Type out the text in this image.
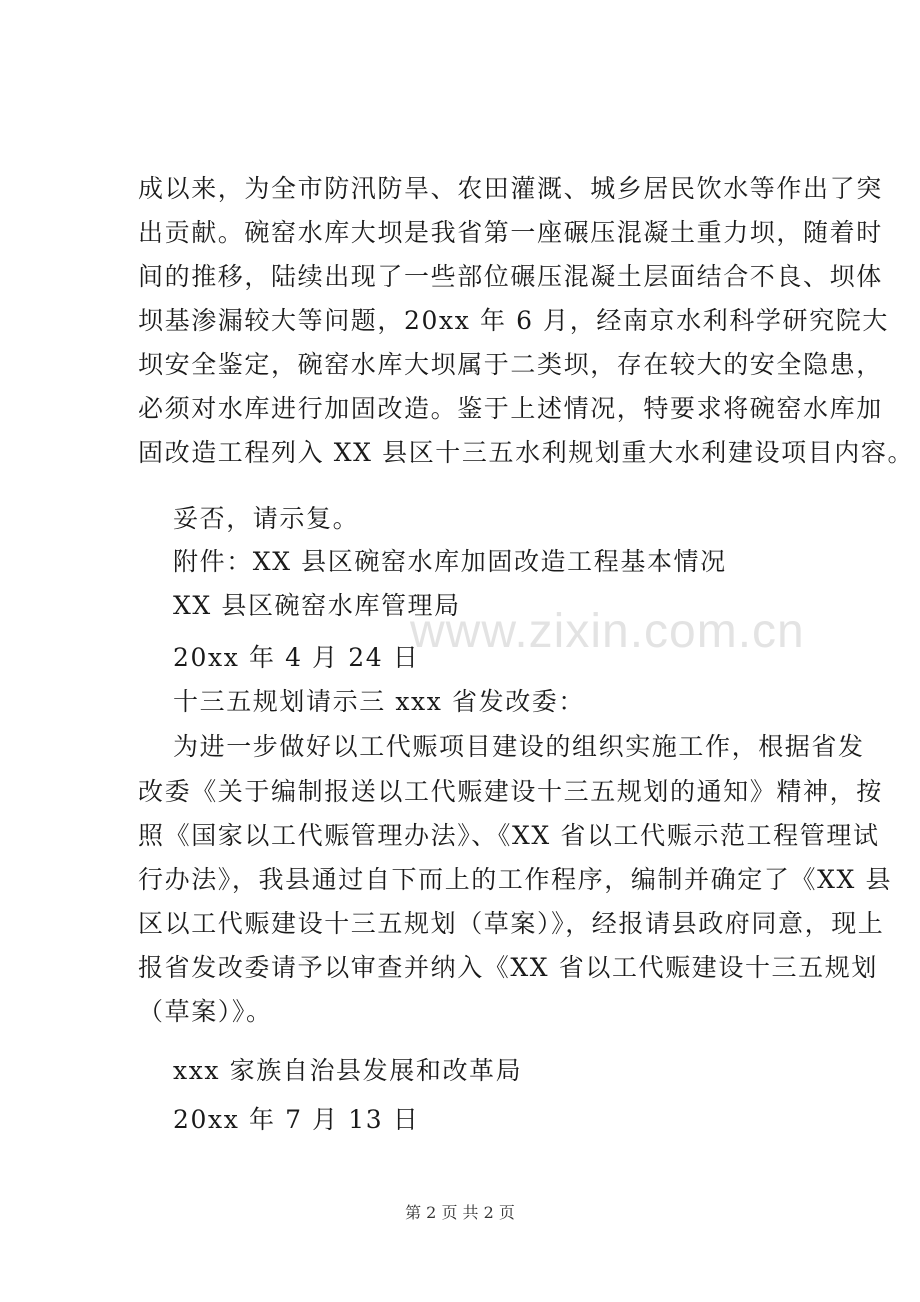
成以来，为全市防汛防旱、农田灌溉、城乡居民饮水等作出了突
出贡献。碗窑水库大坝是我省第一座碾压混凝土重力坝，随着时
间的推移，陆续出现了一些部位碾压混凝土层面结合不良、坝体
坝基渗漏较大等问题，20xx 年 6 月，经南京水利科学研究院大
坝安全鉴定，碗窑水库大坝属于二类坝，存在较大的安全隐患，
必须对水库进行加固改造。鉴于上述情况，特要求将碗窑水库加
固改造工程列入 XX 县区十三五水利规划重大水利建设项目内容。
妥否，请示复。
附件：XX 县区碗窑水库加固改造工程基本情况
XX 县区碗窑水库管理局
20xx 年 4 月 24 日
十三五规划请示三 xxx 省发改委：
为进一步做好以工代赈项目建设的组织实施工作，根据省发
改委《关于编制报送以工代赈建设十三五规划的通知》精神，按
照《国家以工代赈管理办法》、《XX 省以工代赈示范工程管理试
行办法》，我县通过自下而上的工作程序，编制并确定了《XX 县
区以工代赈建设十三五规划（草案）》，经报请县政府同意，现上
报省发改委请予以审查并纳入《XX 省以工代赈建设十三五规划
（草案）》。
xxx 家族自治县发展和改革局
20xx 年 7 月 13 日
www.zixin.com.cn
第 2 页 共 2 页
